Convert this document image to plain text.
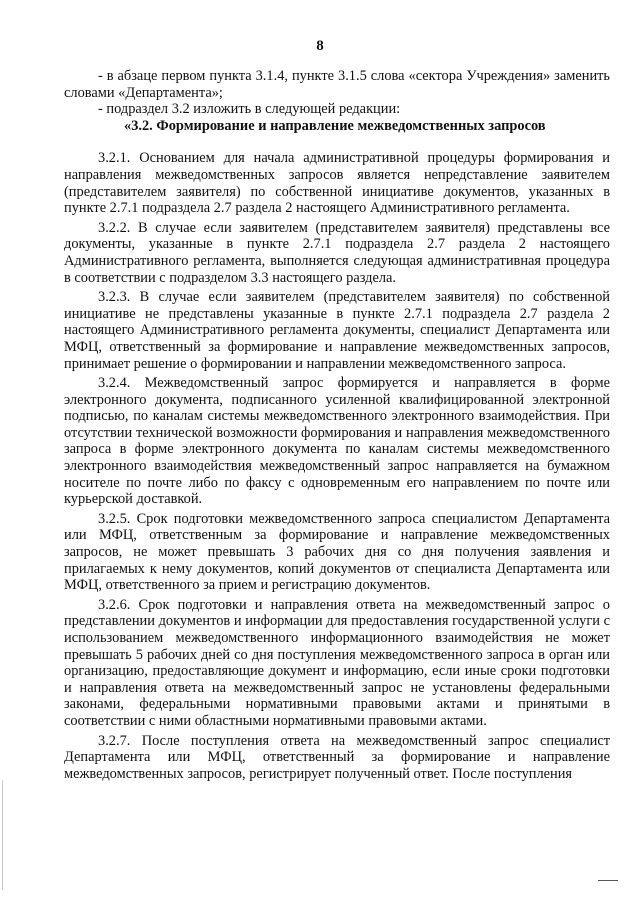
8

- в абзаце первом пункта 3.1.4, пункте 3.1.5 слова «сектора Учреждения» заменить словами «Департамента»;

- подраздел 3.2 изложить в следующей редакции:

«3.2. Формирование и направление межведомственных запросов

3.2.1. Основанием для начала административной процедуры формирования и направления межведомственных запросов является непредставление заявителем (представителем заявителя) по собственной инициативе документов, указанных в пункте 2.7.1 подраздела 2.7 раздела 2 настоящего Административного регламента.

3.2.2. В случае если заявителем (представителем заявителя) представлены все документы, указанные в пункте 2.7.1 подраздела 2.7 раздела 2 настоящего Административного регламента, выполняется следующая административная процедура в соответствии с подразделом 3.3 настоящего раздела.

3.2.3. В случае если заявителем (представителем заявителя) по собственной инициативе не представлены указанные в пункте 2.7.1 подраздела 2.7 раздела 2 настоящего Административного регламента документы, специалист Департамента или МФЦ, ответственный за формирование и направление межведомственных запросов, принимает решение о формировании и направлении межведомственного запроса.

3.2.4. Межведомственный запрос формируется и направляется в форме электронного документа, подписанного усиленной квалифицированной электронной подписью, по каналам системы межведомственного электронного взаимодействия. При отсутствии технической возможности формирования и направления межведомственного запроса в форме электронного документа по каналам системы межведомственного электронного взаимодействия межведомственный запрос направляется на бумажном носителе по почте либо по факсу с одновременным его направлением по почте или курьерской доставкой.

3.2.5. Срок подготовки межведомственного запроса специалистом Департамента или МФЦ, ответственным за формирование и направление межведомственных запросов, не может превышать 3 рабочих дня со дня получения заявления и прилагаемых к нему документов, копий документов от специалиста Департамента или МФЦ, ответственного за прием и регистрацию документов.

3.2.6. Срок подготовки и направления ответа на межведомственный запрос о представлении документов и информации для предоставления государственной услуги с использованием межведомственного информационного взаимодействия не может превышать 5 рабочих дней со дня поступления межведомственного запроса в орган или организацию, предоставляющие документ и информацию, если иные сроки подготовки и направления ответа на межведомственный запрос не установлены федеральными законами, федеральными нормативными правовыми актами и принятыми в соответствии с ними областными нормативными правовыми актами.

3.2.7. После поступления ответа на межведомственный запрос специалист Департамента или МФЦ, ответственный за формирование и направление межведомственных запросов, регистрирует полученный ответ. После поступления
